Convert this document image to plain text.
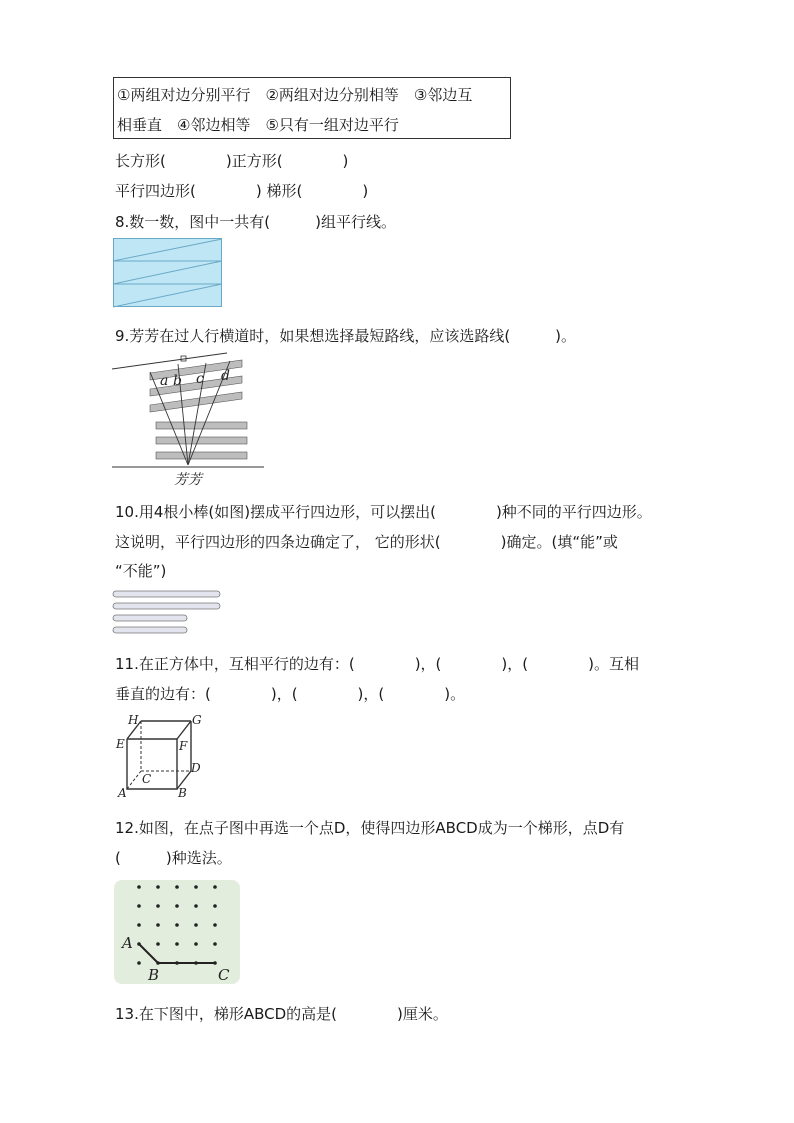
①两组对边分别平行　②两组对边分别相等　③邻边互
相垂直　④邻边相等　⑤只有一组对边平行
长方形(　　　　)正方形(　　　　)
平行四边形(　　　　) 梯形(　　　　)
8.数一数，图中一共有(　　　)组平行线。
9.芳芳在过人行横道时，如果想选择最短路线，应该选路线(　　　)。
a b c d
芳芳
10.用4根小棒(如图)摆成平行四边形，可以摆出(　　　　)种不同的平行四边形。
这说明，平行四边形的四条边确定了， 它的形状(　　　　)确定。(填“能”或
“不能”)
11.在正方体中，互相平行的边有：(　　　　)，(　　　　)，(　　　　)。互相
垂直的边有：(　　　　)，(　　　　)，(　　　　)。
H	G
E	F
C
D
A	B
12.如图，在点子图中再选一个点D，使得四边形ABCD成为一个梯形，点D有
(　　　)种选法。
A
B	C
13.在下图中，梯形ABCD的高是(　　　　)厘米。
